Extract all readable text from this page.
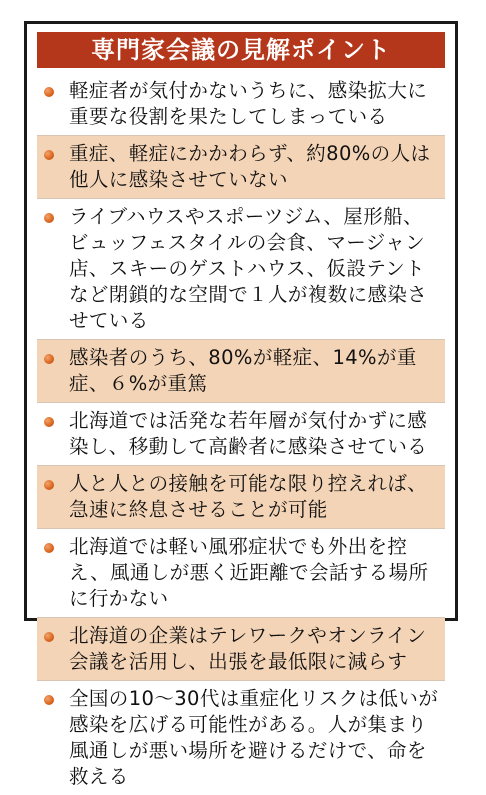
専門家会議の見解ポイント
軽症者が気付かないうちに、感染拡大に重要な役割を果たしてしまっている
重症、軽症にかかわらず、約80%の人は他人に感染させていない
ライブハウスやスポーツジム、屋形船、ビュッフェスタイルの会食、マージャン店、スキーのゲストハウス、仮設テントなど閉鎖的な空間で１人が複数に感染させている
感染者のうち、80%が軽症、14%が重症、６%が重篤
北海道では活発な若年層が気付かずに感染し、移動して高齢者に感染させている
人と人との接触を可能な限り控えれば、急速に終息させることが可能
北海道では軽い風邪症状でも外出を控え、風通しが悪く近距離で会話する場所に行かない
北海道の企業はテレワークやオンライン会議を活用し、出張を最低限に減らす
全国の10～30代は重症化リスクは低いが感染を広げる可能性がある。人が集まり風通しが悪い場所を避けるだけで、命を救える
